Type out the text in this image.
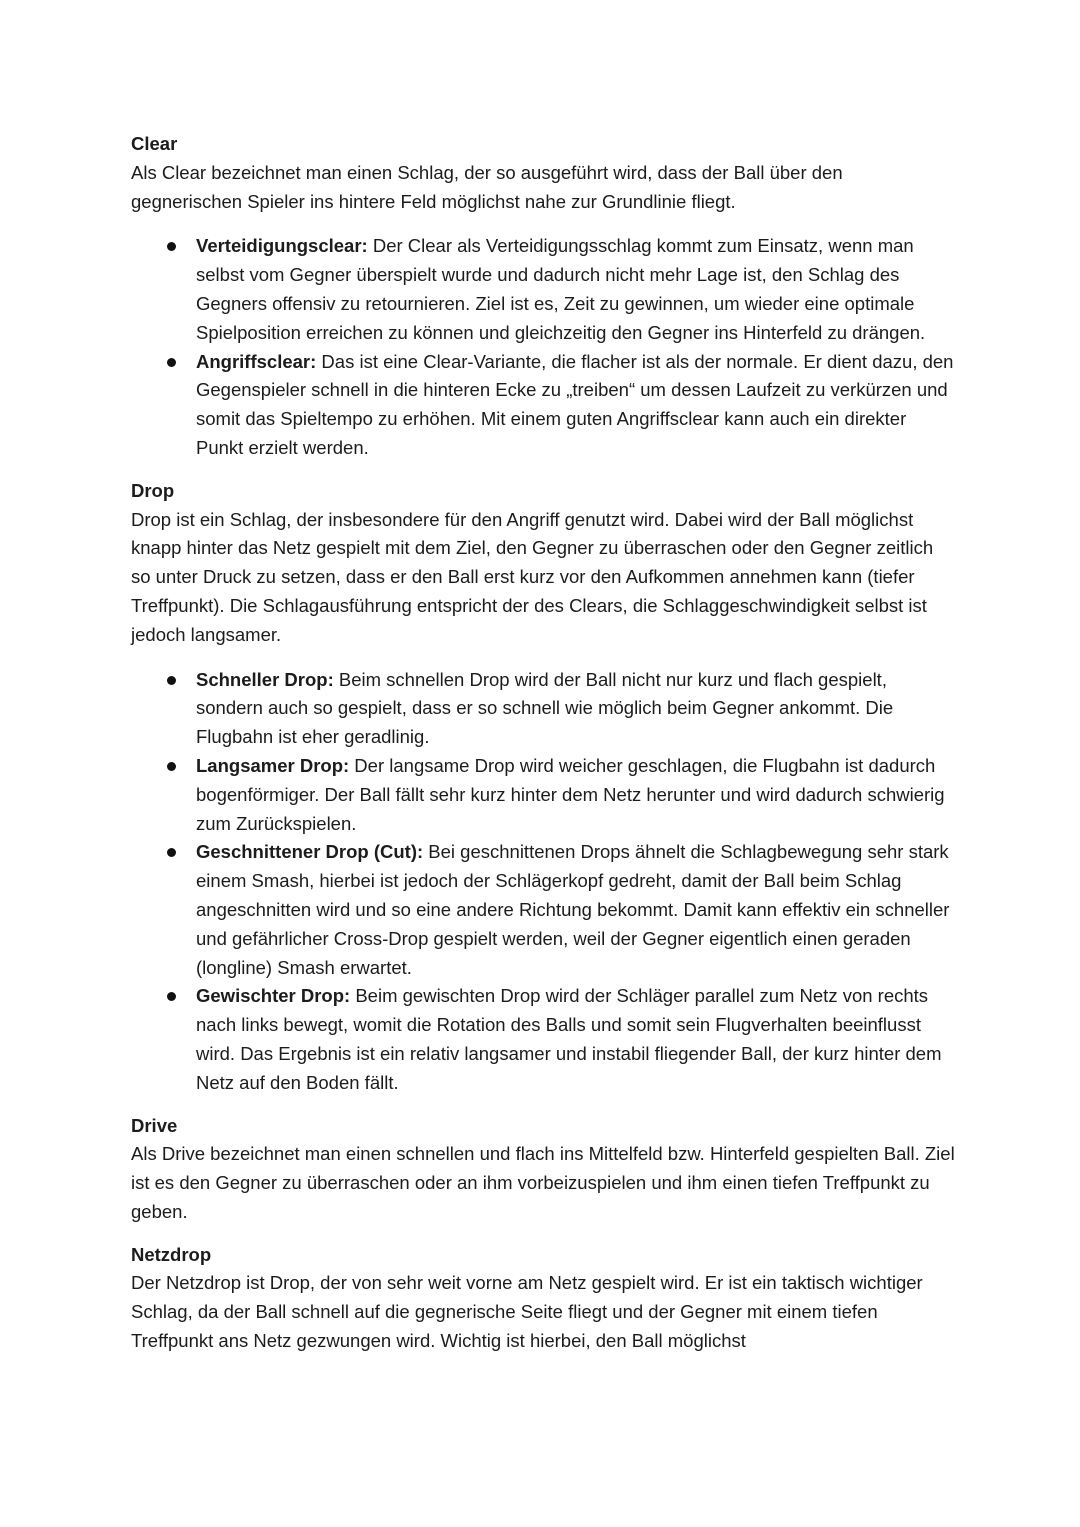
Clear

Als Clear bezeichnet man einen Schlag, der so ausgeführt wird, dass der Ball über den gegnerischen Spieler ins hintere Feld möglichst nahe zur Grundlinie fliegt.

Verteidigungsclear: Der Clear als Verteidigungsschlag kommt zum Einsatz, wenn man selbst vom Gegner überspielt wurde und dadurch nicht mehr Lage ist, den Schlag des Gegners offensiv zu retournieren. Ziel ist es, Zeit zu gewinnen, um wieder eine optimale Spielposition erreichen zu können und gleichzeitig den Gegner ins Hinterfeld zu drängen.
Angriffsclear: Das ist eine Clear-Variante, die flacher ist als der normale. Er dient dazu, den Gegenspieler schnell in die hinteren Ecke zu „treiben“ um dessen Laufzeit zu verkürzen und somit das Spieltempo zu erhöhen. Mit einem guten Angriffsclear kann auch ein direkter Punkt erzielt werden.
Drop

Drop ist ein Schlag, der insbesondere für den Angriff genutzt wird. Dabei wird der Ball möglichst knapp hinter das Netz gespielt mit dem Ziel, den Gegner zu überraschen oder den Gegner zeitlich so unter Druck zu setzen, dass er den Ball erst kurz vor den Aufkommen annehmen kann (tiefer Treffpunkt). Die Schlagausführung entspricht der des Clears, die Schlaggeschwindigkeit selbst ist jedoch langsamer.

Schneller Drop: Beim schnellen Drop wird der Ball nicht nur kurz und flach gespielt, sondern auch so gespielt, dass er so schnell wie möglich beim Gegner ankommt. Die Flugbahn ist eher geradlinig.
Langsamer Drop: Der langsame Drop wird weicher geschlagen, die Flugbahn ist dadurch bogenförmiger. Der Ball fällt sehr kurz hinter dem Netz herunter und wird dadurch schwierig zum Zurückspielen.
Geschnittener Drop (Cut): Bei geschnittenen Drops ähnelt die Schlagbewegung sehr stark einem Smash, hierbei ist jedoch der Schlägerkopf gedreht, damit der Ball beim Schlag angeschnitten wird und so eine andere Richtung bekommt. Damit kann effektiv ein schneller und gefährlicher Cross-Drop gespielt werden, weil der Gegner eigentlich einen geraden (longline) Smash erwartet.
Gewischter Drop: Beim gewischten Drop wird der Schläger parallel zum Netz von rechts nach links bewegt, womit die Rotation des Balls und somit sein Flugverhalten beeinflusst wird. Das Ergebnis ist ein relativ langsamer und instabil fliegender Ball, der kurz hinter dem Netz auf den Boden fällt.
Drive

Als Drive bezeichnet man einen schnellen und flach ins Mittelfeld bzw. Hinterfeld gespielten Ball. Ziel ist es den Gegner zu überraschen oder an ihm vorbeizuspielen und ihm einen tiefen Treffpunkt zu geben.

Netzdrop

Der Netzdrop ist Drop, der von sehr weit vorne am Netz gespielt wird. Er ist ein taktisch wichtiger Schlag, da der Ball schnell auf die gegnerische Seite fliegt und der Gegner mit einem tiefen Treffpunkt ans Netz gezwungen wird. Wichtig ist hierbei, den Ball möglichst
